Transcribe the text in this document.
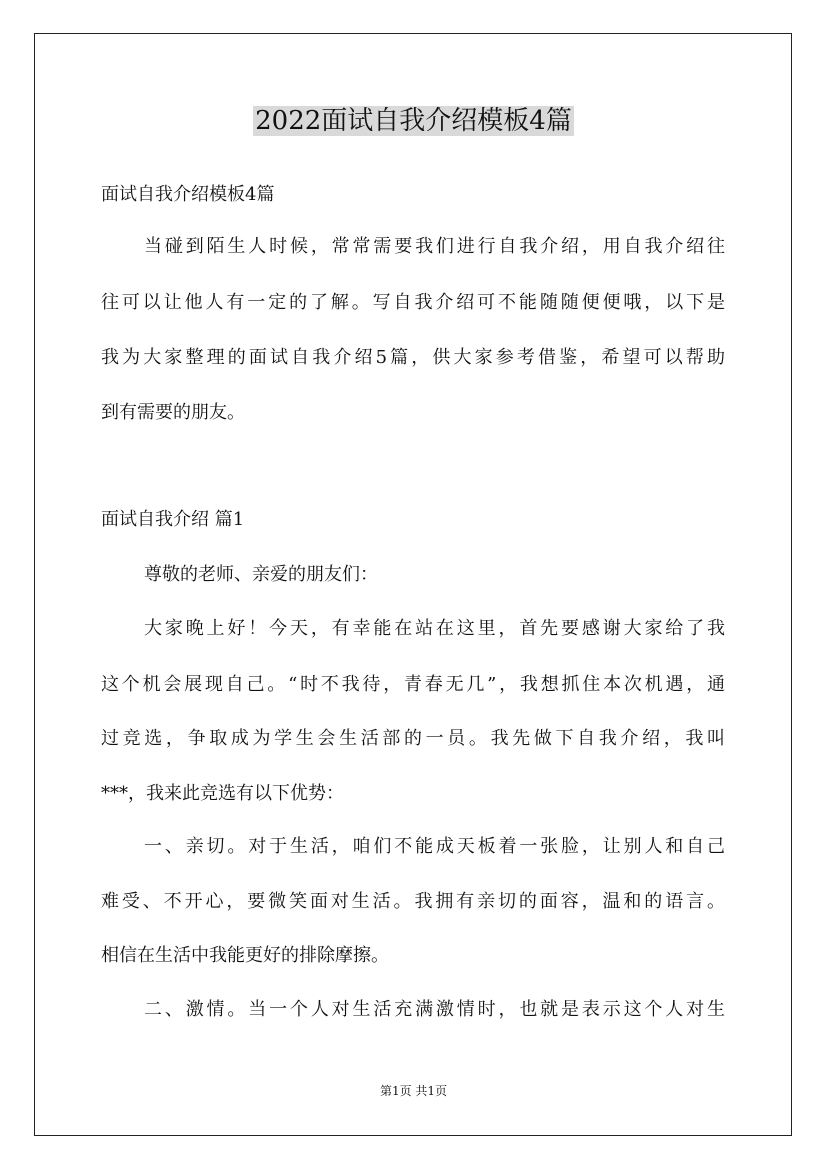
2022面试自我介绍模板4篇
面试自我介绍模板4篇
当碰到陌生人时候，常常需要我们进行自我介绍，用自我介绍往
往可以让他人有一定的了解。写自我介绍可不能随随便便哦，以下是
我为大家整理的面试自我介绍5篇，供大家参考借鉴，希望可以帮助
到有需要的朋友。
面试自我介绍 篇1
尊敬的老师、亲爱的朋友们：
大家晚上好！今天，有幸能在站在这里，首先要感谢大家给了我
这个机会展现自己。“时不我待，青春无几”，我想抓住本次机遇，通
过竞选，争取成为学生会生活部的一员。我先做下自我介绍，我叫
***，我来此竞选有以下优势：
一、亲切。对于生活，咱们不能成天板着一张脸，让别人和自己
难受、不开心，要微笑面对生活。我拥有亲切的面容，温和的语言。
相信在生活中我能更好的排除摩擦。
二、激情。当一个人对生活充满激情时，也就是表示这个人对生
第1页 共1页
